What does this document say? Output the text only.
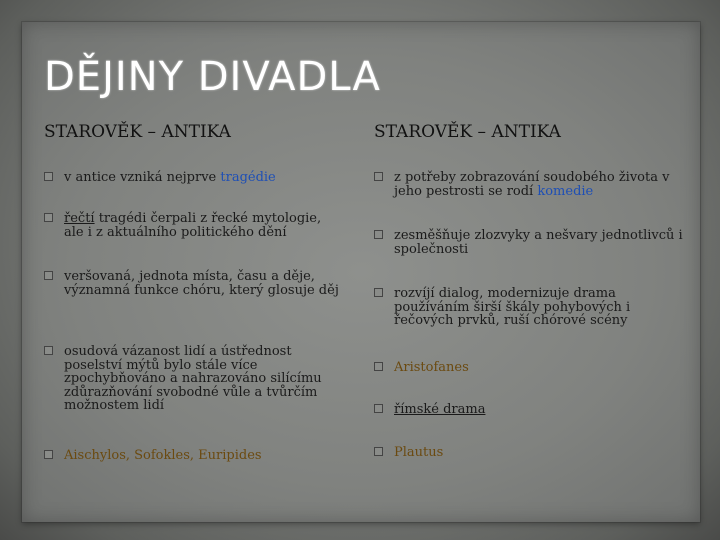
DĚJINY DIVADLA
STAROVĚK – ANTIKA	STAROVĚK – ANTIKA
v antice vzniká nejprve tragédie
řečtí tragédi čerpali z řecké mytologie, ale i z aktuálního politického dění
veršovaná, jednota místa, času a děje, významná funkce chóru, který glosuje děj
osudová vázanost lidí a ústřednost poselství mýtů bylo stále více zpochybňováno a nahrazováno silícímu zdůrazňování svobodné vůle a tvůrčím možnostem lidí
Aischylos, Sofokles, Euripides
z potřeby zobrazování soudobého života v jeho pestrosti se rodí komedie
zesměšňuje zlozvyky a nešvary jednotlivců i společnosti
rozvíjí dialog, modernizuje drama používáním širší škály pohybových i řečových prvků, ruší chórové scény
Aristofanes
římské drama
Plautus
